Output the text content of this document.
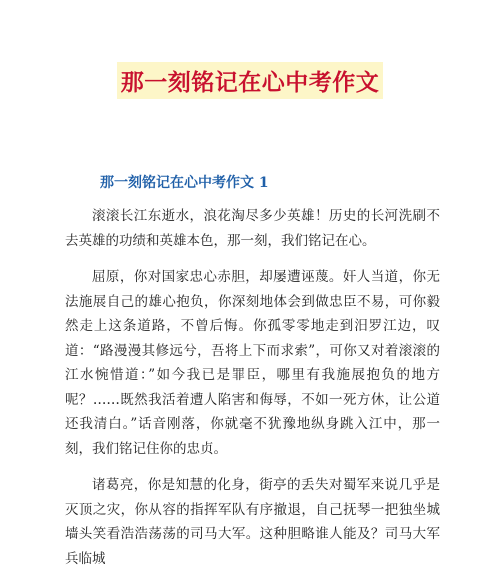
那一刻铭记在心中考作文
那一刻铭记在心中考作文 1

滚滚长江东逝水，浪花淘尽多少英雄！历史的长河洗刷不去英雄的功绩和英雄本色，那一刻，我们铭记在心。

屈原，你对国家忠心赤胆，却屡遭诬蔑。奸人当道，你无法施展自己的雄心抱负，你深刻地体会到做忠臣不易，可你毅然走上这条道路，不曾后悔。你孤零零地走到汨罗江边，叹道：“路漫漫其修远兮，吾将上下而求索”，可你又对着滚滚的江水惋惜道：”如今我已是罪臣，哪里有我施展抱负的地方呢？……既然我活着遭人陷害和侮辱，不如一死方休，让公道还我清白。”话音刚落，你就毫不犹豫地纵身跳入江中，那一刻，我们铭记住你的忠贞。

诸葛亮，你是知慧的化身，街亭的丢失对蜀军来说几乎是灭顶之灾，你从容的指挥军队有序撤退，自己抚琴一把独坐城墙头笑看浩浩荡荡的司马大军。这种胆略谁人能及？司马大军兵临城
